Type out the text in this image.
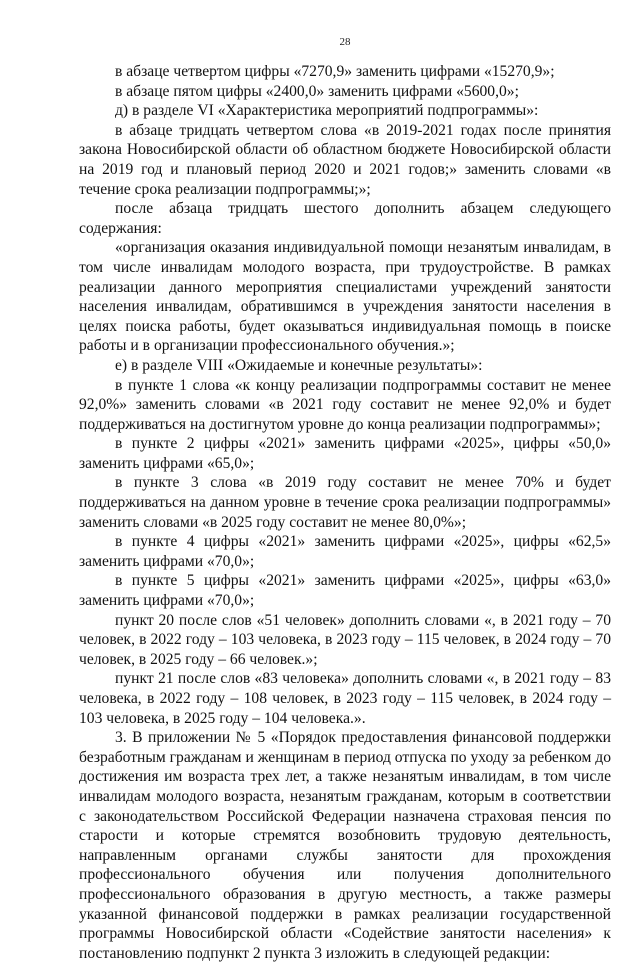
28

в абзаце четвертом цифры «7270,9» заменить цифрами «15270,9»;

в абзаце пятом цифры «2400,0» заменить цифрами «5600,0»;

д) в разделе VI «Характеристика мероприятий подпрограммы»:

в абзаце тридцать четвертом слова «в 2019-2021 годах после принятия закона Новосибирской области об областном бюджете Новосибирской области на 2019 год и плановый период 2020 и 2021 годов;» заменить словами «в течение срока реализации подпрограммы;»;

после абзаца тридцать шестого дополнить абзацем следующего содержания:

«организация оказания индивидуальной помощи незанятым инвалидам, в том числе инвалидам молодого возраста, при трудоустройстве. В рамках реализации данного мероприятия специалистами учреждений занятости населения инвалидам, обратившимся в учреждения занятости населения в целях поиска работы, будет оказываться индивидуальная помощь в поиске работы и в организации профессионального обучения.»;

е) в разделе VIII «Ожидаемые и конечные результаты»:

в пункте 1 слова «к концу реализации подпрограммы составит не менее 92,0%» заменить словами «в 2021 году составит не менее 92,0% и будет поддерживаться на достигнутом уровне до конца реализации подпрограммы»;

в пункте 2 цифры «2021» заменить цифрами «2025», цифры «50,0» заменить цифрами «65,0»;

в пункте 3 слова «в 2019 году составит не менее 70% и будет поддерживаться на данном уровне в течение срока реализации подпрограммы» заменить словами «в 2025 году составит не менее 80,0%»;

в пункте 4 цифры «2021» заменить цифрами «2025», цифры «62,5» заменить цифрами «70,0»;

в пункте 5 цифры «2021» заменить цифрами «2025», цифры «63,0» заменить цифрами «70,0»;

пункт 20 после слов «51 человек» дополнить словами «, в 2021 году – 70 человек, в 2022 году – 103 человека, в 2023 году – 115 человек, в 2024 году – 70 человек, в 2025 году – 66 человек.»;

пункт 21 после слов «83 человека» дополнить словами «, в 2021 году – 83 человека, в 2022 году – 108 человек, в 2023 году – 115 человек, в 2024 году – 103 человека, в 2025 году – 104 человека.».

3. В приложении № 5 «Порядок предоставления финансовой поддержки безработным гражданам и женщинам в период отпуска по уходу за ребенком до достижения им возраста трех лет, а также незанятым инвалидам, в том числе инвалидам молодого возраста, незанятым гражданам, которым в соответствии с законодательством Российской Федерации назначена страховая пенсия по старости и которые стремятся возобновить трудовую деятельность, направленным органами службы занятости для прохождения профессионального обучения или получения дополнительного профессионального образования в другую местность, а также размеры указанной финансовой поддержки в рамках реализации государственной программы Новосибирской области «Содействие занятости населения» к постановлению подпункт 2 пункта 3 изложить в следующей редакции:
